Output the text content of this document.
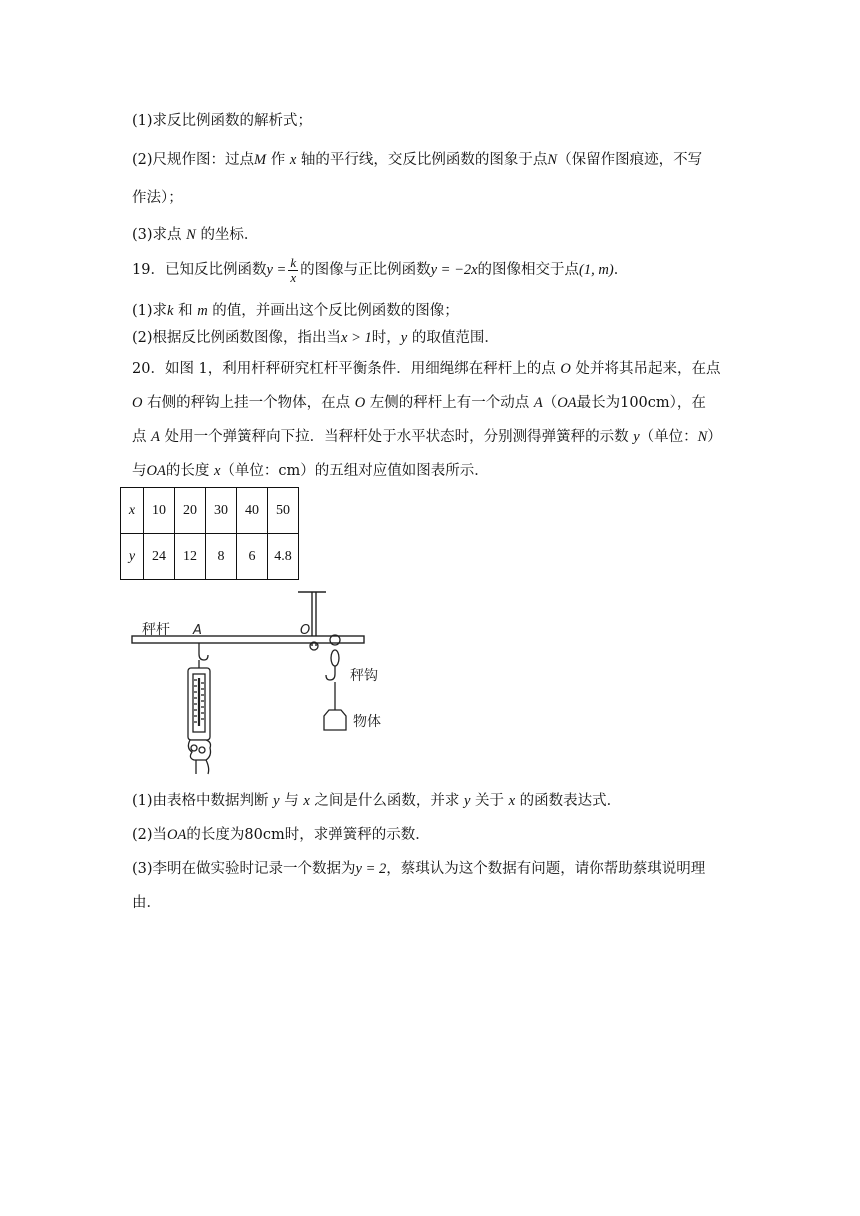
(1)求反比例函数的解析式；
(2)尺规作图：过点M 作 x 轴的平行线，交反比例函数的图象于点N（保留作图痕迹，不写
作法）；
(3)求点 N 的坐标．
19．已知反比例函数$y = \frac{k}{x}$ 的图像与正比例函数y = −2x的图像相交于点(1, m)．
(1)求k 和 m 的值，并画出这个反比例函数的图像；
(2)根据反比例函数图像，指出当x > 1时，y 的取值范围．
20．如图 1，利用杆秤研究杠杆平衡条件．用细绳绑在秤杆上的点 O 处并将其吊起来，在点
O 右侧的秤钩上挂一个物体，在点 O 左侧的秤杆上有一个动点 A（OA最长为100cm），在
点 A 处用一个弹簧秤向下拉．当秤杆处于水平状态时，分别测得弹簧秤的示数 y（单位：N）
与OA的长度 x（单位：cm）的五组对应值如图表所示．
x	10	20	30	40	50
y	24	12	8	6	4.8
秤杆 A	O
秤钩
物体
(1)由表格中数据判断 y 与 x 之间是什么函数，并求 y 关于 x 的函数表达式．
(2)当OA的长度为80cm时，求弹簧秤的示数．
(3)李明在做实验时记录一个数据为y = 2，蔡琪认为这个数据有问题，请你帮助蔡琪说明理
由．
